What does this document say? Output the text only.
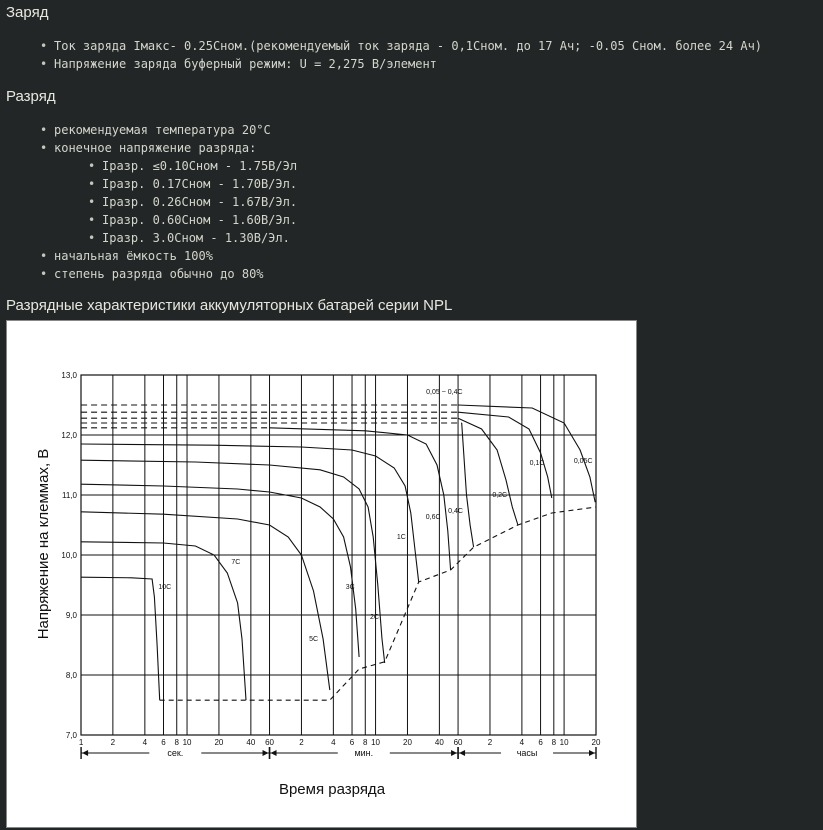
Заряд
• Ток заряда Iмакс- 0.25Cном.(рекомендуемый ток заряда - 0,1Cном. до 17 Ач; -0.05 Cном. более 24 Ач)
• Напряжение заряда буферный режим: U = 2,275 В/элемент
Разряд
• рекомендуемая температура 20°C
• конечное напряжение разряда:
• Iразр. ≤0.10Cном - 1.75В/Эл
• Iразр. 0.17Cном - 1.70В/Эл.
• Iразр. 0.26Cном - 1.67В/Эл.
• Iразр. 0.60Cном - 1.60В/Эл.
• Iразр. 3.0Cном - 1.30В/Эл.
• начальная ёмкость 100%
• степень разряда обычно до 80%
Разрядные характеристики аккумуляторных батарей серии NPL
7,0
8,0
9,0
10,0
11,0
12,0
13,0
1	2	4 6 8 10	20	40 60	2	4 6 8 10	20	40 60	2	4 6 8 10	20
сек.	мин.	часы
10C
7C
5C
3C
2C
1C
0,6C
0,4C
0,2C
0,1C	0,05C
0,05 ~ 0,4C
Напряжение на клеммах, В
Время разряда
